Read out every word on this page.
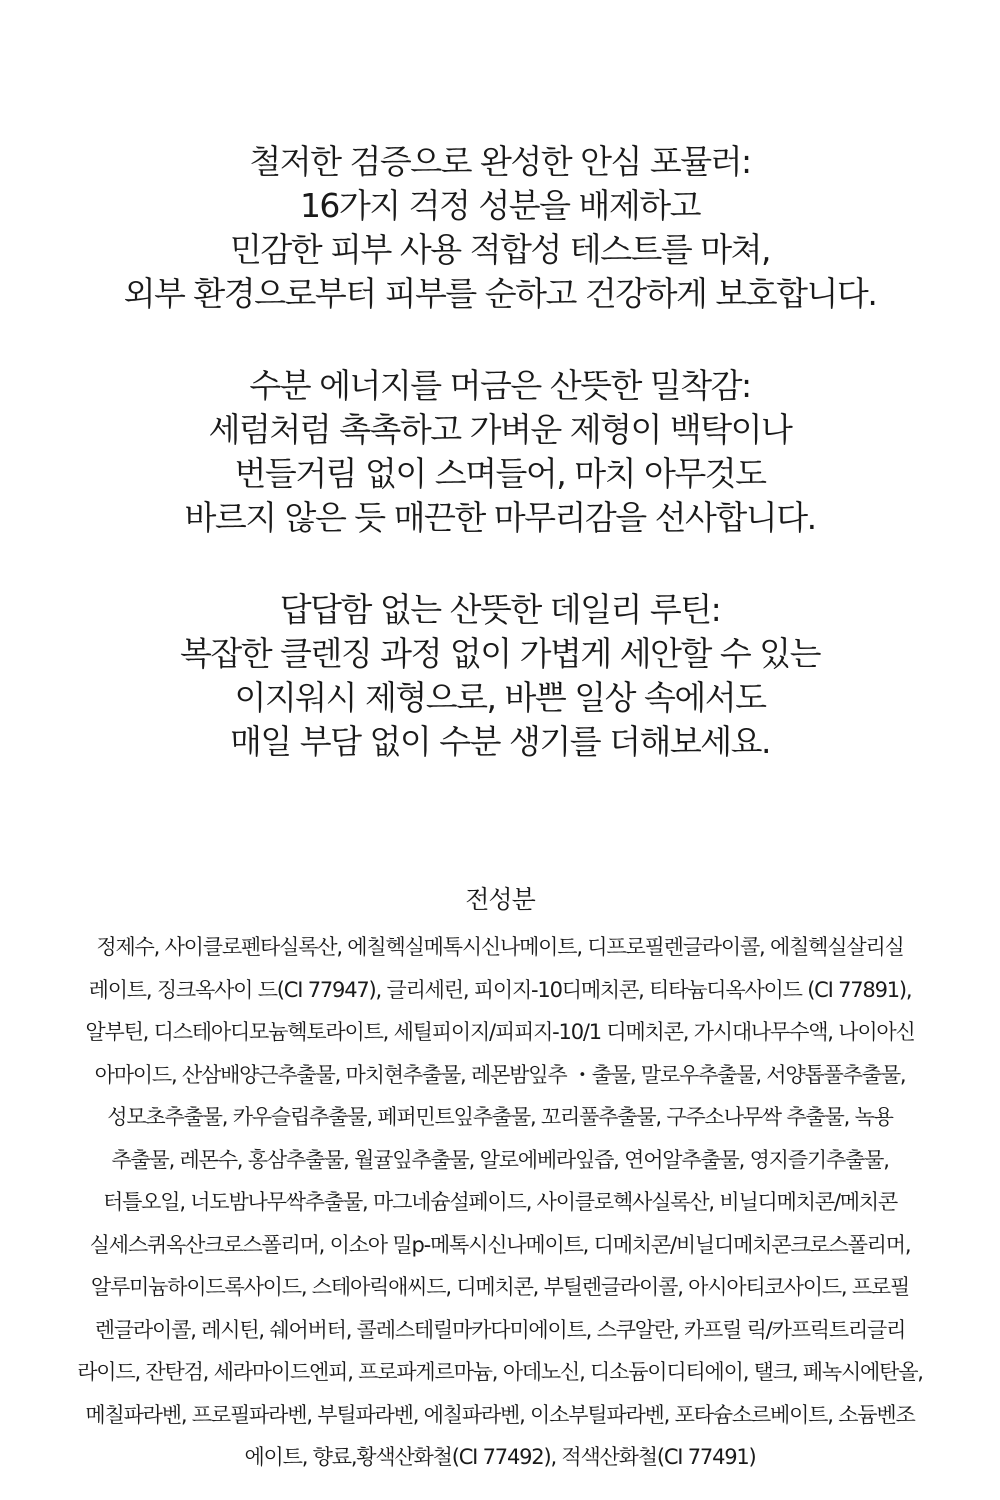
철저한 검증으로 완성한 안심 포뮬러:
16가지 걱정 성분을 배제하고
민감한 피부 사용 적합성 테스트를 마쳐,
외부 환경으로부터 피부를 순하고 건강하게 보호합니다.
수분 에너지를 머금은 산뜻한 밀착감:
세럼처럼 촉촉하고 가벼운 제형이 백탁이나
번들거림 없이 스며들어, 마치 아무것도
바르지 않은 듯 매끈한 마무리감을 선사합니다.
답답함 없는 산뜻한 데일리 루틴:
복잡한 클렌징 과정 없이 가볍게 세안할 수 있는
이지워시 제형으로, 바쁜 일상 속에서도
매일 부담 없이 수분 생기를 더해보세요.
전성분
정제수, 사이클로펜타실록산, 에칠헥실메톡시신나메이트, 디프로필렌글라이콜, 에칠헥실살리실
레이트, 징크옥사이 드(CI 77947), 글리세린, 피이지-10디메치콘, 티타늄디옥사이드 (CI 77891),
알부틴, 디스테아디모늄헥토라이트, 세틸피이지/피피지-10/1 디메치콘, 가시대나무수액, 나이아신
아마이드, 산삼배양근추출물, 마치현추출물, 레몬밤잎추 ・출물, 말로우추출물, 서양톱풀추출물,
성모초추출물, 카우슬립추출물, 페퍼민트잎추출물, 꼬리풀추출물, 구주소나무싹 추출물, 녹용
추출물, 레몬수, 홍삼추출물, 월귤잎추출물, 알로에베라잎즙, 연어알추출물, 영지즐기추출물,
터틀오일, 너도밤나무싹추출물, 마그네슘설페이드, 사이클로헥사실록산, 비닐디메치콘/메치콘
실세스퀴옥산크로스폴리머, 이소아 밀p-메톡시신나메이트, 디메치콘/비닐디메치콘크로스폴리머,
알루미늄하이드록사이드, 스테아릭애씨드, 디메치콘, 부틸렌글라이콜, 아시아티코사이드, 프로필
렌글라이콜, 레시틴, 쉐어버터, 콜레스테릴마카다미에이트, 스쿠알란, 카프릴 릭/카프릭트리글리
라이드, 잔탄검, 세라마이드엔피, 프로파게르마늄, 아데노신, 디소듐이디티에이, 탤크, 페녹시에탄올,
메칠파라벤, 프로필파라벤, 부틸파라벤, 에칠파라벤, 이소부틸파라벤, 포타슘소르베이트, 소듐벤조
에이트, 향료,황색산화철(CI 77492), 적색산화철(CI 77491)
